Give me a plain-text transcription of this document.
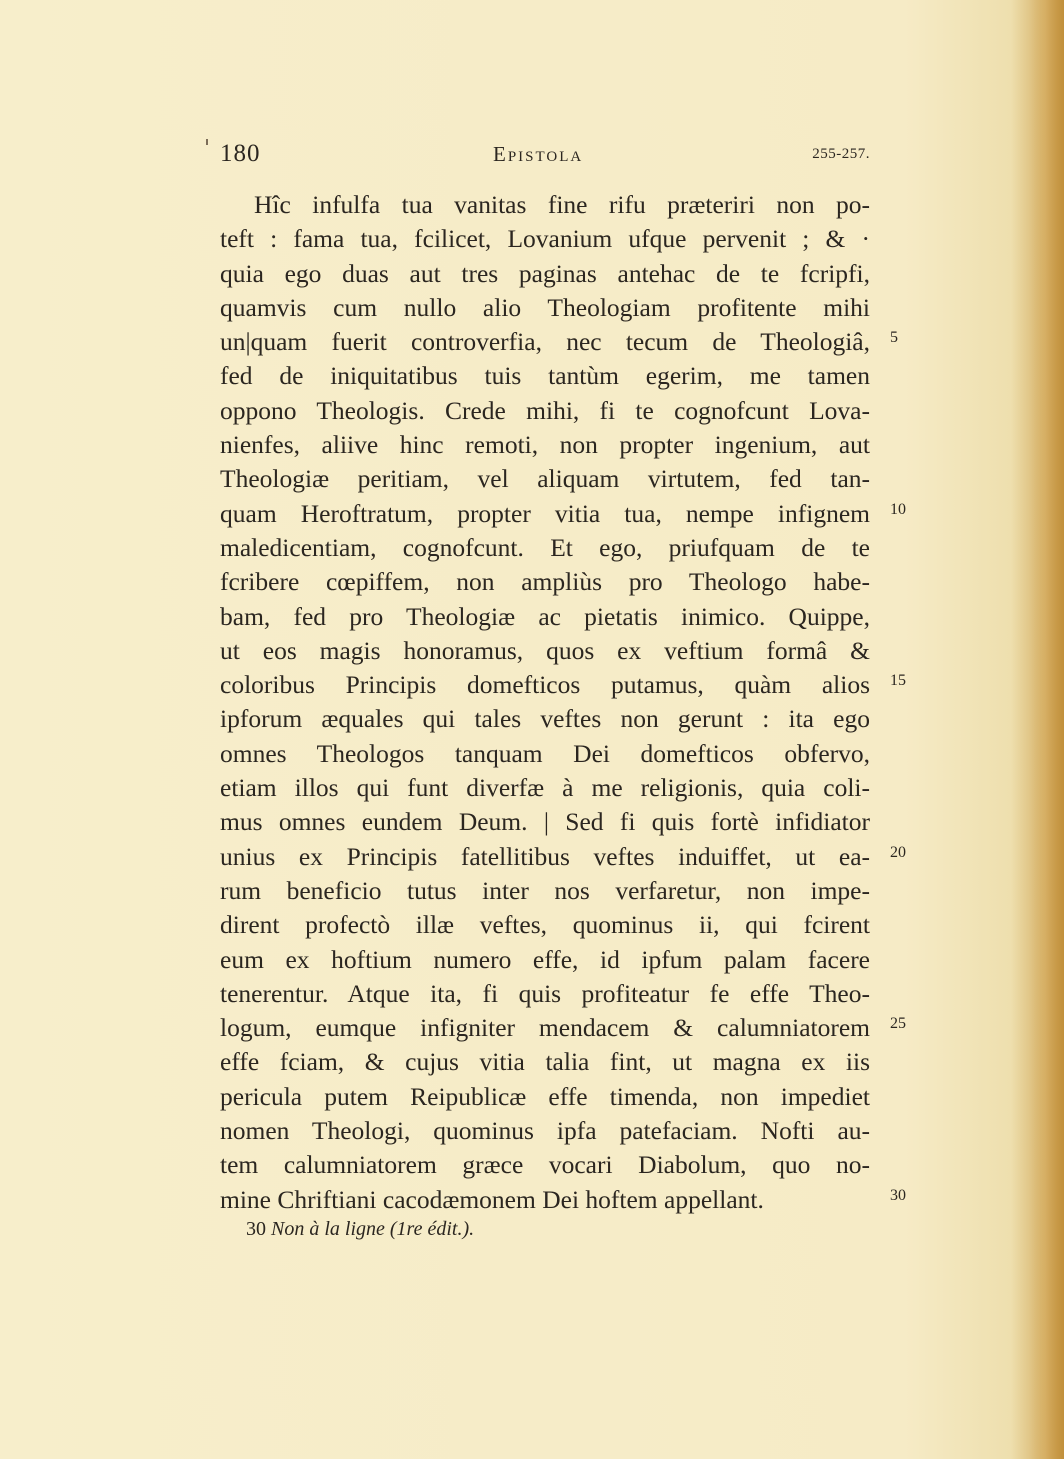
180	Epistola	255-257.
Hîc infulfa tua vanitas fine rifu præteriri non po-
teft : fama tua, fcilicet, Lovanium ufque pervenit ; & ·
quia ego duas aut tres paginas antehac de te fcripfi,
quamvis cum nullo alio Theologiam profitente mihi
un|quam fuerit controverfia, nec tecum de Theologiâ,
fed de iniquitatibus tuis tantùm egerim, me tamen
oppono Theologis. Crede mihi, fi te cognofcunt Lova-
nienfes, aliive hinc remoti, non propter ingenium, aut
Theologiæ peritiam, vel aliquam virtutem, fed tan-
quam Heroftratum, propter vitia tua, nempe infignem
maledicentiam, cognofcunt. Et ego, priufquam de te
fcribere cœpiffem, non ampliùs pro Theologo habe-
bam, fed pro Theologiæ ac pietatis inimico. Quippe,
ut eos magis honoramus, quos ex veftium formâ &
coloribus Principis domefticos putamus, quàm alios
ipforum æquales qui tales veftes non gerunt : ita ego
omnes Theologos tanquam Dei domefticos obfervo,
etiam illos qui funt diverfæ à me religionis, quia coli-
mus omnes eundem Deum. | Sed fi quis fortè infidiator
unius ex Principis fatellitibus veftes induiffet, ut ea-
rum beneficio tutus inter nos verfaretur, non impe-
dirent profectò illæ veftes, quominus ii, qui fcirent
eum ex hoftium numero effe, id ipfum palam facere
tenerentur. Atque ita, fi quis profiteatur fe effe Theo-
logum, eumque infigniter mendacem & calumniatorem
effe fciam, & cujus vitia talia fint, ut magna ex iis
pericula putem Reipublicæ effe timenda, non impediet
nomen Theologi, quominus ipfa patefaciam. Nofti au-
tem calumniatorem græce vocari Diabolum, quo no-
mine Chriftiani cacodæmonem Dei hoftem appellant.
5
10
15
20
25
30
30 Non à la ligne (1re édit.).
